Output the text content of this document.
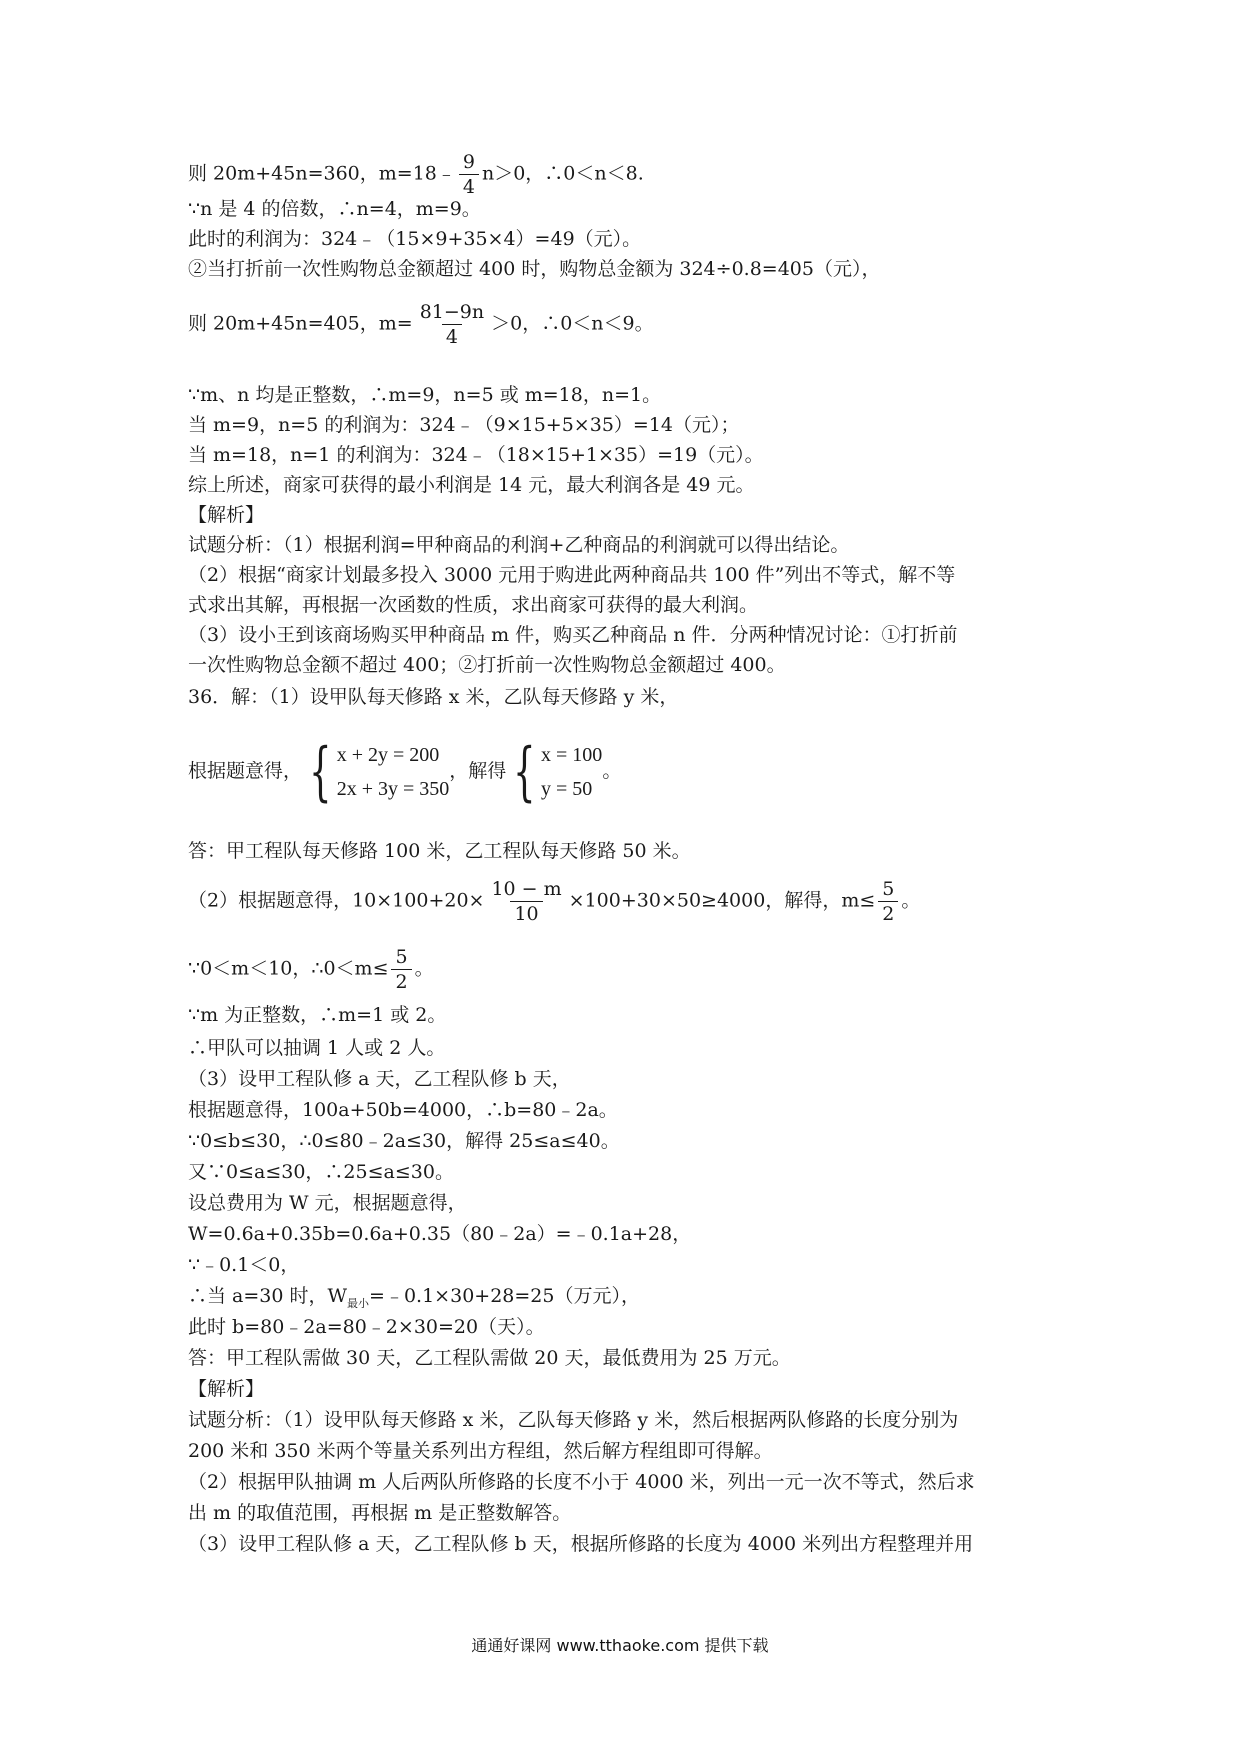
则 20m+45n=360，m=18﹣ $\frac{9}{4} n>0$，∴0＜n＜8.
∵n 是 4 的倍数，∴n=4，m=9。
此时的利润为：324﹣（15×9+35×4）=49（元）。
②当打折前一次性购物总金额超过 400 时，购物总金额为 324÷0.8=405（元），
则 20m+45n=405，$m= \frac{81-9n}{4} >0$，∴0＜n＜9。
∵m、n 均是正整数，∴m=9，n=5 或 m=18，n=1。
当 m=9，n=5 的利润为：324﹣（9×15+5×35）=14（元）；
当 m=18，n=1 的利润为：324﹣（18×15+1×35）=19（元）。
综上所述，商家可获得的最小利润是 14 元，最大利润各是 49 元。
【解析】
试题分析：（1）根据利润=甲种商品的利润+乙种商品的利润就可以得出结论。
（2）根据“商家计划最多投入 3000 元用于购进此两种商品共 100 件”列出不等式，解不等
式求出其解，再根据一次函数的性质，求出商家可获得的最大利润。
（3）设小王到该商场购买甲种商品 m 件，购买乙种商品 n 件．分两种情况讨论：①打折前
一次性购物总金额不超过 400；②打折前一次性购物总金额超过 400。
36．解：（1）设甲队每天修路 x 米，乙队每天修路 y 米，
根据题意得， { x + 2y = 200
2x + 3y = 350
，解得 { x = 100
y = 50
。
答：甲工程队每天修路 100 米，乙工程队每天修路 50 米。
（2）根据题意得，$10\times 100+20\times \frac{10 - m}{10} \times 100+30\times 50\ge 4000$，解得，$m\le \frac{5}{2}$ 。
∵0＜m＜10，∴0＜m≤ $\frac{5}{2}$ 。
∵m 为正整数，∴m=1 或 2。
∴甲队可以抽调 1 人或 2 人。
（3）设甲工程队修 a 天，乙工程队修 b 天，
根据题意得，100a+50b=4000，∴b=80﹣2a。
∵0≤b≤30，∴0≤80﹣2a≤30，解得 25≤a≤40。
又∵0≤a≤30，∴25≤a≤30。
设总费用为 W 元，根据题意得，
W=0.6a+0.35b=0.6a+0.35（80﹣2a）=﹣0.1a+28，
∵﹣0.1＜0，
∴当 a=30 时，$W_{最小}=﹣0.1\times 30+28=25$（万元），
此时 b=80﹣2a=80﹣2×30=20（天）。
答：甲工程队需做 30 天，乙工程队需做 20 天，最低费用为 25 万元。
【解析】
试题分析：（1）设甲队每天修路 x 米，乙队每天修路 y 米，然后根据两队修路的长度分别为
200 米和 350 米两个等量关系列出方程组，然后解方程组即可得解。
（2）根据甲队抽调 m 人后两队所修路的长度不小于 4000 米，列出一元一次不等式，然后求
出 m 的取值范围，再根据 m 是正整数解答。
（3）设甲工程队修 a 天，乙工程队修 b 天，根据所修路的长度为 4000 米列出方程整理并用
通通好课网 www.tthaoke.com 提供下载
